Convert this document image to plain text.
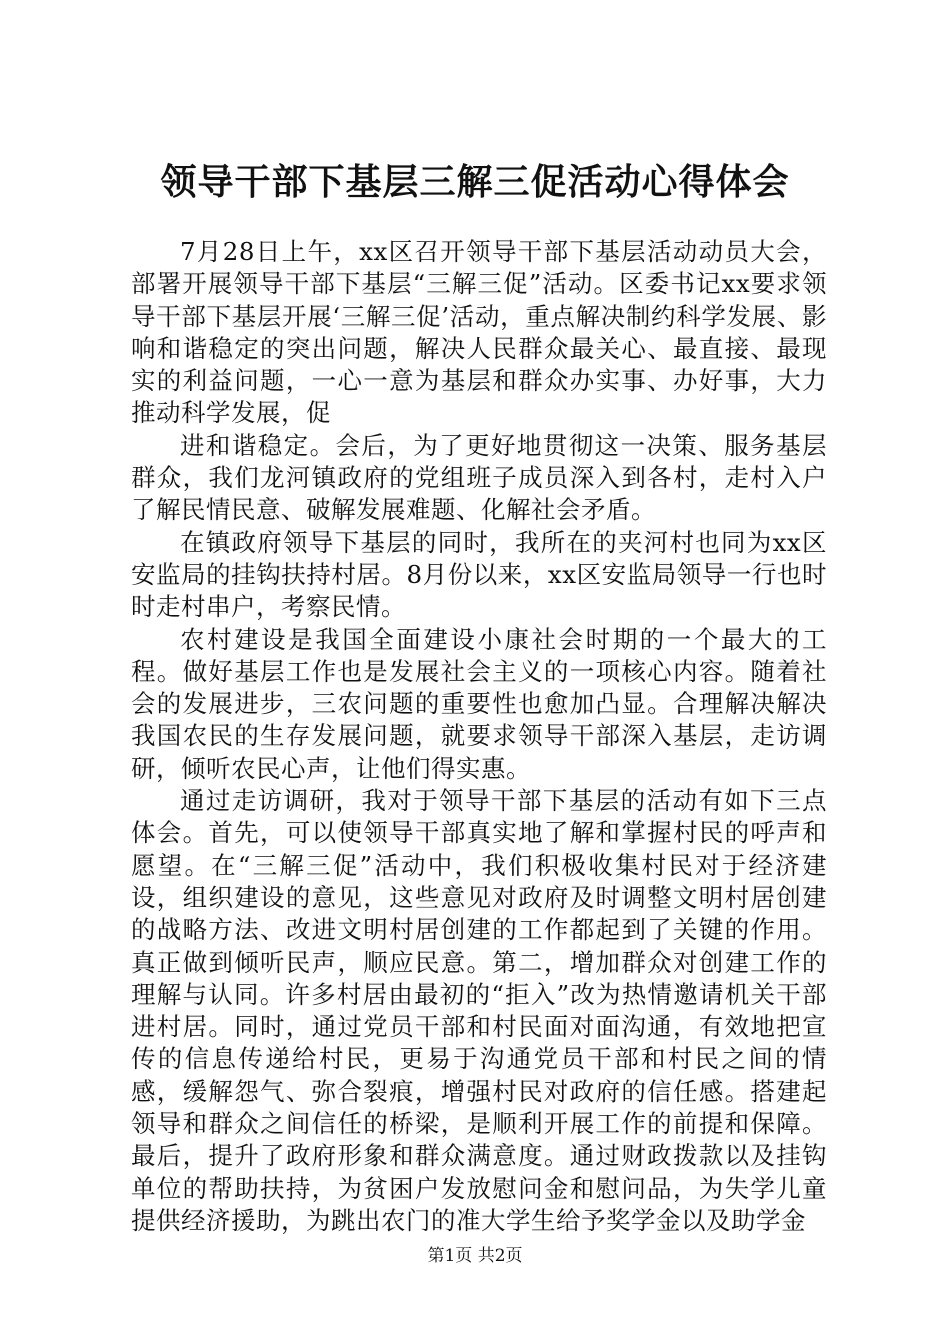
领导干部下基层三解三促活动心得体会

7月28日上午，xx区召开领导干部下基层活动动员大会，部署开展领导干部下基层“三解三促”活动。区委书记xx要求领导干部下基层开展‘三解三促’活动，重点解决制约科学发展、影响和谐稳定的突出问题，解决人民群众最关心、最直接、最现实的利益问题，一心一意为基层和群众办实事、办好事，大力推动科学发展，促

进和谐稳定。会后，为了更好地贯彻这一决策、服务基层群众，我们龙河镇政府的党组班子成员深入到各村，走村入户了解民情民意、破解发展难题、化解社会矛盾。

在镇政府领导下基层的同时，我所在的夹河村也同为xx区安监局的挂钩扶持村居。8月份以来，xx区安监局领导一行也时时走村串户，考察民情。

农村建设是我国全面建设小康社会时期的一个最大的工程。做好基层工作也是发展社会主义的一项核心内容。随着社会的发展进步，三农问题的重要性也愈加凸显。合理解决解决我国农民的生存发展问题，就要求领导干部深入基层，走访调研，倾听农民心声，让他们得实惠。

通过走访调研，我对于领导干部下基层的活动有如下三点体会。首先，可以使领导干部真实地了解和掌握村民的呼声和愿望。在“三解三促”活动中，我们积极收集村民对于经济建设，组织建设的意见，这些意见对政府及时调整文明村居创建的战略方法、改进文明村居创建的工作都起到了关键的作用。真正做到倾听民声，顺应民意。第二，增加群众对创建工作的理解与认同。许多村居由最初的“拒入”改为热情邀请机关干部进村居。同时，通过党员干部和村民面对面沟通，有效地把宣传的信息传递给村民，更易于沟通党员干部和村民之间的情感，缓解怨气、弥合裂痕，增强村民对政府的信任感。搭建起领导和群众之间信任的桥梁，是顺利开展工作的前提和保障。最后，提升了政府形象和群众满意度。通过财政拨款以及挂钩单位的帮助扶持，为贫困户发放慰问金和慰问品，为失学儿童提供经济援助，为跳出农门的准大学生给予奖学金以及助学金

第1页 共2页
